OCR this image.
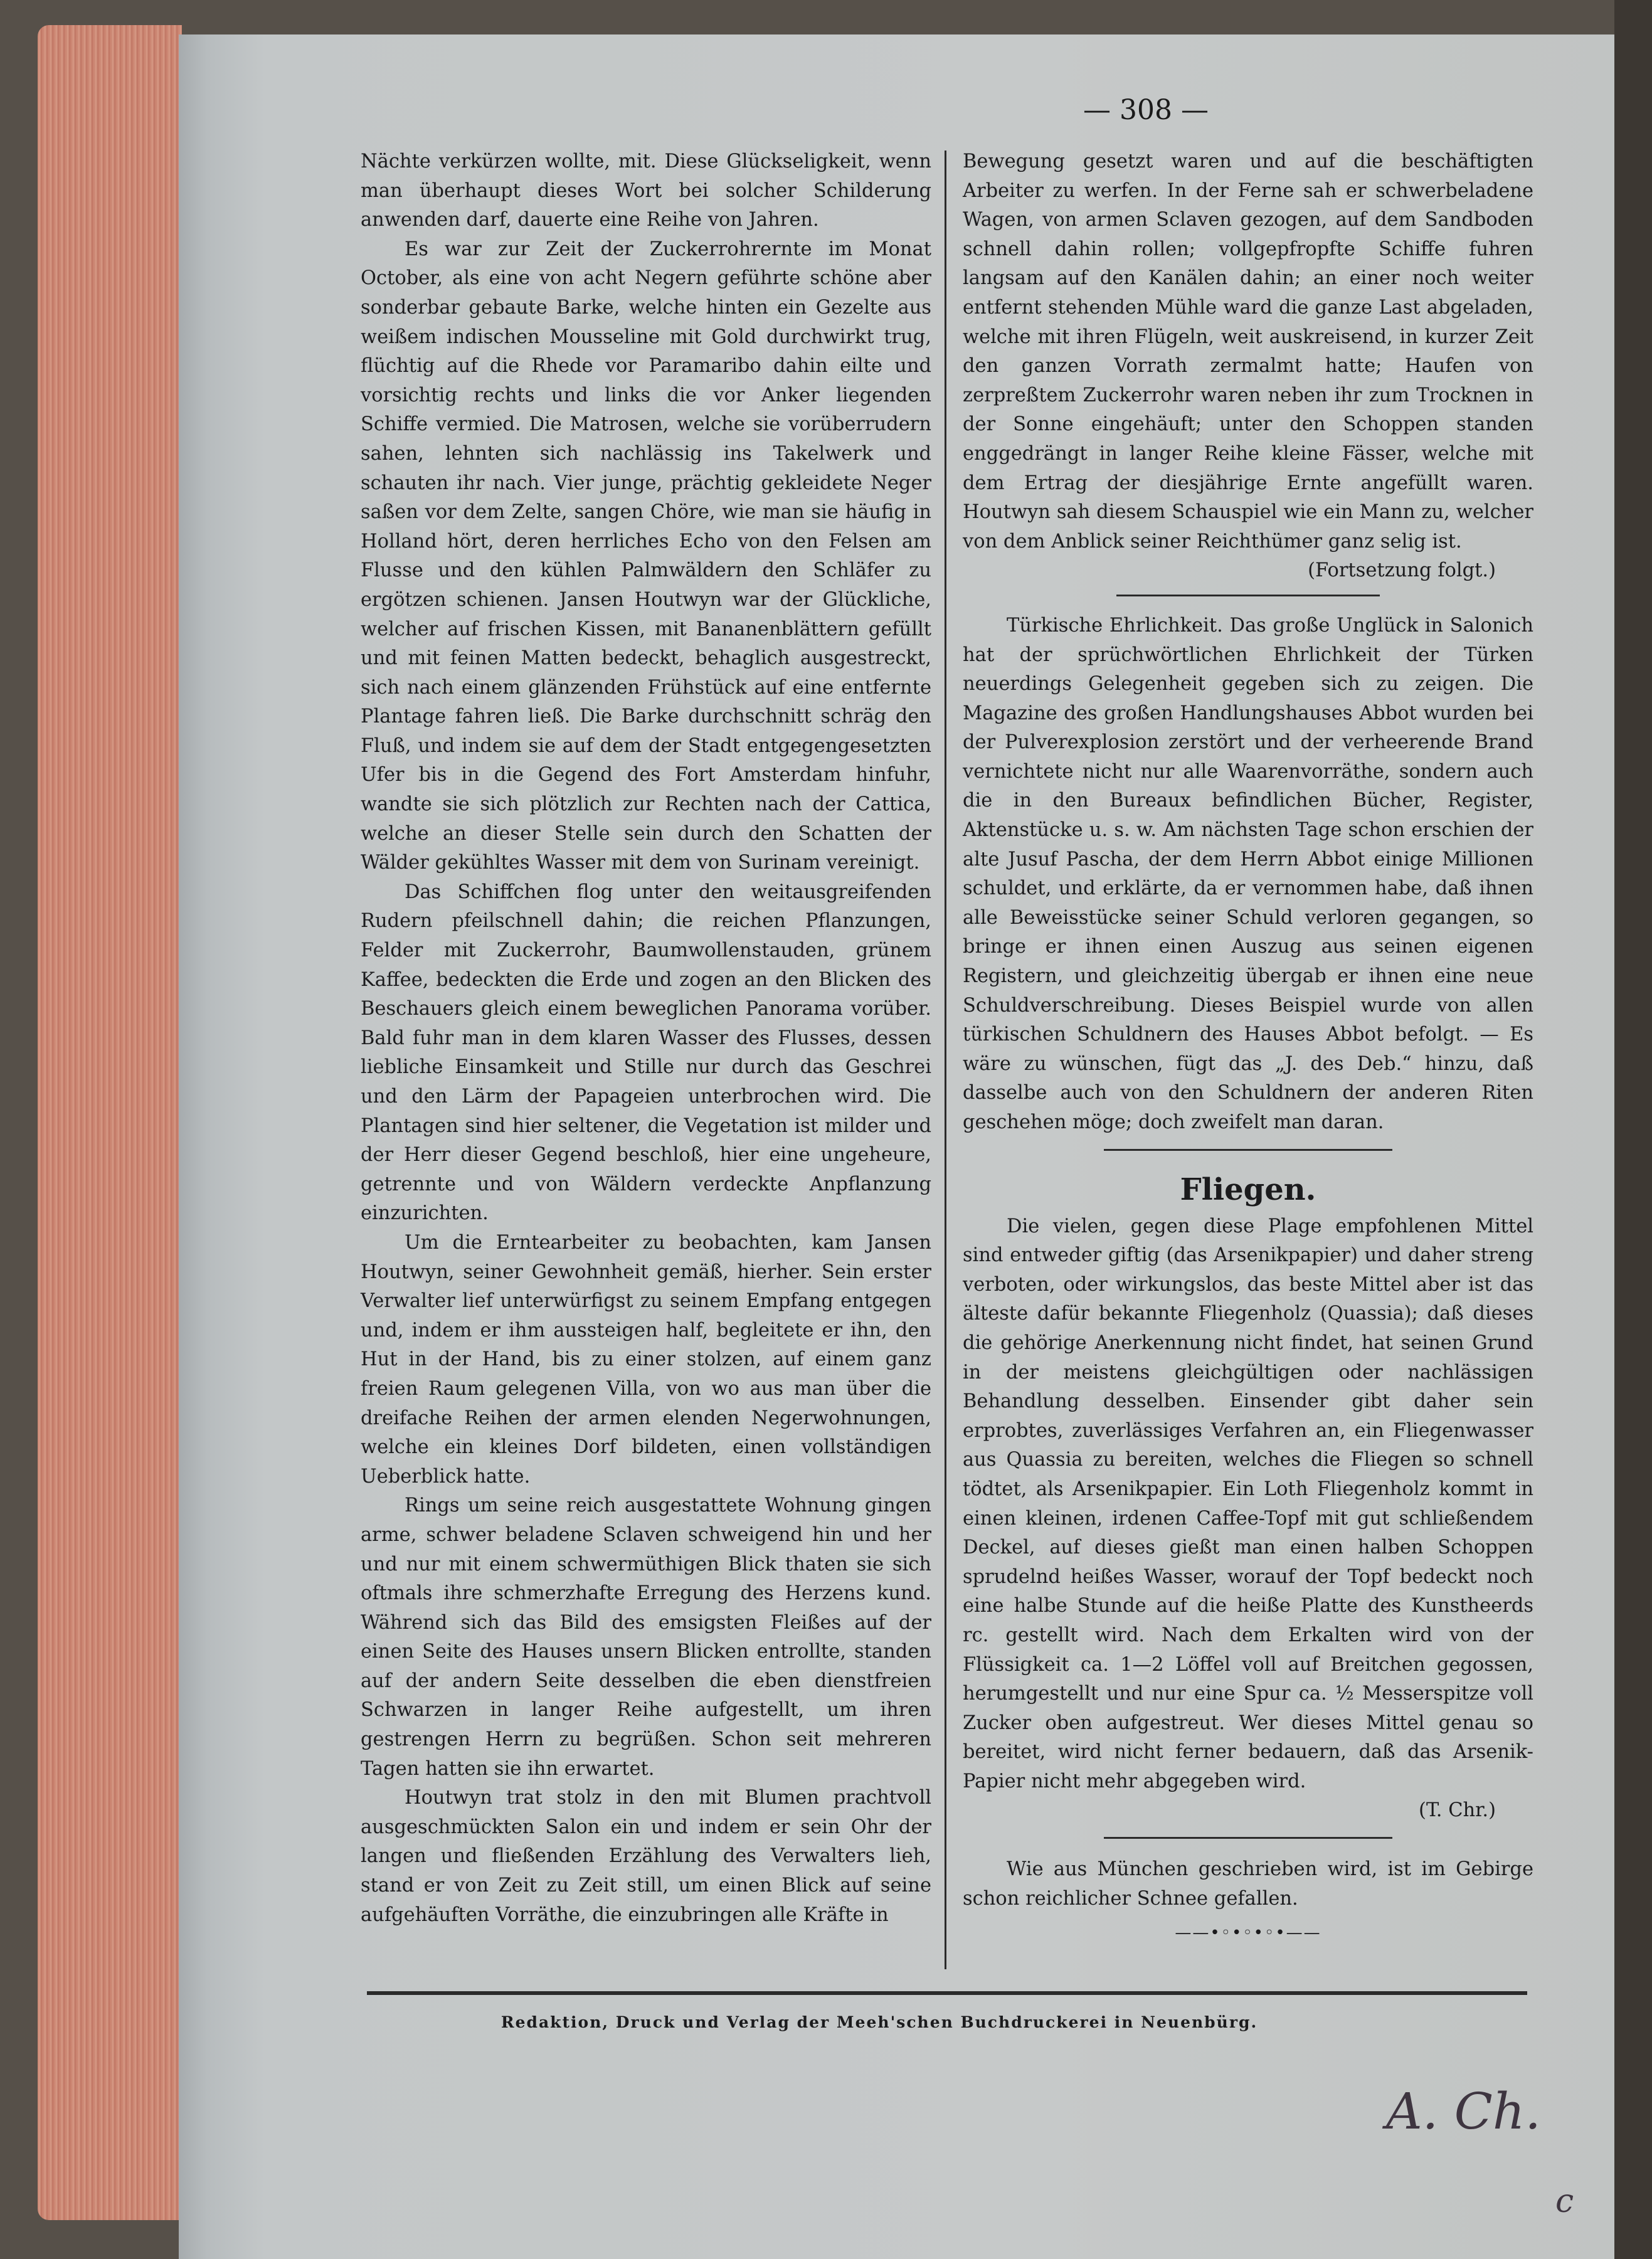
— 308 —

Nächte verkürzen wollte, mit. Diese Glückseligkeit, wenn man überhaupt dieses Wort bei solcher Schilderung anwenden darf, dauerte eine Reihe von Jahren.

Es war zur Zeit der Zuckerrohrernte im Monat October, als eine von acht Negern geführte schöne aber sonderbar gebaute Barke, welche hinten ein Gezelte aus weißem indischen Mousseline mit Gold durchwirkt trug, flüchtig auf die Rhede vor Paramaribo dahin eilte und vorsichtig rechts und links die vor Anker liegenden Schiffe vermied. Die Matrosen, welche sie vorüberrudern sahen, lehnten sich nachlässig ins Takelwerk und schauten ihr nach. Vier junge, prächtig gekleidete Neger saßen vor dem Zelte, sangen Chöre, wie man sie häufig in Holland hört, deren herrliches Echo von den Felsen am Flusse und den kühlen Palmwäldern den Schläfer zu ergötzen schienen. Jansen Houtwyn war der Glückliche, welcher auf frischen Kissen, mit Bananenblättern gefüllt und mit feinen Matten bedeckt, behaglich ausgestreckt, sich nach einem glänzenden Frühstück auf eine entfernte Plantage fahren ließ. Die Barke durchschnitt schräg den Fluß, und indem sie auf dem der Stadt entgegengesetzten Ufer bis in die Gegend des Fort Amsterdam hinfuhr, wandte sie sich plötzlich zur Rechten nach der Cattica, welche an dieser Stelle sein durch den Schatten der Wälder gekühltes Wasser mit dem von Surinam vereinigt.

Das Schiffchen flog unter den weitausgreifenden Rudern pfeilschnell dahin; die reichen Pflanzungen, Felder mit Zuckerrohr, Baumwollenstauden, grünem Kaffee, bedeckten die Erde und zogen an den Blicken des Beschauers gleich einem beweglichen Panorama vorüber. Bald fuhr man in dem klaren Wasser des Flusses, dessen liebliche Einsamkeit und Stille nur durch das Geschrei und den Lärm der Papageien unterbrochen wird. Die Plantagen sind hier seltener, die Vegetation ist milder und der Herr dieser Gegend beschloß, hier eine ungeheure, getrennte und von Wäldern verdeckte Anpflanzung einzurichten.

Um die Erntearbeiter zu beobachten, kam Jansen Houtwyn, seiner Gewohnheit gemäß, hierher. Sein erster Verwalter lief unterwürfigst zu seinem Empfang entgegen und, indem er ihm aussteigen half, begleitete er ihn, den Hut in der Hand, bis zu einer stolzen, auf einem ganz freien Raum gelegenen Villa, von wo aus man über die dreifache Reihen der armen elenden Negerwohnungen, welche ein kleines Dorf bildeten, einen vollständigen Ueberblick hatte.

Rings um seine reich ausgestattete Wohnung gingen arme, schwer beladene Sclaven schweigend hin und her und nur mit einem schwermüthigen Blick thaten sie sich oftmals ihre schmerzhafte Erregung des Herzens kund. Während sich das Bild des emsigsten Fleißes auf der einen Seite des Hauses unsern Blicken entrollte, standen auf der andern Seite desselben die eben dienstfreien Schwarzen in langer Reihe aufgestellt, um ihren gestrengen Herrn zu begrüßen. Schon seit mehreren Tagen hatten sie ihn erwartet.

Houtwyn trat stolz in den mit Blumen prachtvoll ausgeschmückten Salon ein und indem er sein Ohr der langen und fließenden Erzählung des Verwalters lieh, stand er von Zeit zu Zeit still, um einen Blick auf seine aufgehäuften Vorräthe, die einzubringen alle Kräfte in

Bewegung gesetzt waren und auf die beschäftigten Arbeiter zu werfen. In der Ferne sah er schwerbeladene Wagen, von armen Sclaven gezogen, auf dem Sandboden schnell dahin rollen; vollgepfropfte Schiffe fuhren langsam auf den Kanälen dahin; an einer noch weiter entfernt stehenden Mühle ward die ganze Last abgeladen, welche mit ihren Flügeln, weit auskreisend, in kurzer Zeit den ganzen Vorrath zermalmt hatte; Haufen von zerpreßtem Zuckerrohr waren neben ihr zum Trocknen in der Sonne eingehäuft; unter den Schoppen standen enggedrängt in langer Reihe kleine Fässer, welche mit dem Ertrag der diesjährige Ernte angefüllt waren. Houtwyn sah diesem Schauspiel wie ein Mann zu, welcher von dem Anblick seiner Reichthümer ganz selig ist.

(Fortsetzung folgt.)

Türkische Ehrlichkeit. Das große Unglück in Salonich hat der sprüchwörtlichen Ehrlichkeit der Türken neuerdings Gelegenheit gegeben sich zu zeigen. Die Magazine des großen Handlungshauses Abbot wurden bei der Pulverexplosion zerstört und der verheerende Brand vernichtete nicht nur alle Waarenvorräthe, sondern auch die in den Bureaux befindlichen Bücher, Register, Aktenstücke u. s. w. Am nächsten Tage schon erschien der alte Jusuf Pascha, der dem Herrn Abbot einige Millionen schuldet, und erklärte, da er vernommen habe, daß ihnen alle Beweisstücke seiner Schuld verloren gegangen, so bringe er ihnen einen Auszug aus seinen eigenen Registern, und gleichzeitig übergab er ihnen eine neue Schuldverschreibung. Dieses Beispiel wurde von allen türkischen Schuldnern des Hauses Abbot befolgt. — Es wäre zu wünschen, fügt das „J. des Deb.“ hinzu, daß dasselbe auch von den Schuldnern der anderen Riten geschehen möge; doch zweifelt man daran.

Fliegen.

Die vielen, gegen diese Plage empfohlenen Mittel sind entweder giftig (das Arsenikpapier) und daher streng verboten, oder wirkungslos, das beste Mittel aber ist das älteste dafür bekannte Fliegenholz (Quassia); daß dieses die gehörige Anerkennung nicht findet, hat seinen Grund in der meistens gleichgültigen oder nachlässigen Behandlung desselben. Einsender gibt daher sein erprobtes, zuverlässiges Verfahren an, ein Fliegenwasser aus Quassia zu bereiten, welches die Fliegen so schnell tödtet, als Arsenikpapier. Ein Loth Fliegenholz kommt in einen kleinen, irdenen Caffee-Topf mit gut schließendem Deckel, auf dieses gießt man einen halben Schoppen sprudelnd heißes Wasser, worauf der Topf bedeckt noch eine halbe Stunde auf die heiße Platte des Kunstheerds rc. gestellt wird. Nach dem Erkalten wird von der Flüssigkeit ca. 1—2 Löffel voll auf Breitchen gegossen, herumgestellt und nur eine Spur ca. ½ Messerspitze voll Zucker oben aufgestreut. Wer dieses Mittel genau so bereitet, wird nicht ferner bedauern, daß das Arsenik-Papier nicht mehr abgegeben wird.

(T. Chr.)

Wie aus München geschrieben wird, ist im Gebirge schon reichlicher Schnee gefallen.

——•◦•◦•◦•——
Redaktion, Druck und Verlag der Meeh'schen Buchdruckerei in Neuenbürg.
A. Ch.
c
